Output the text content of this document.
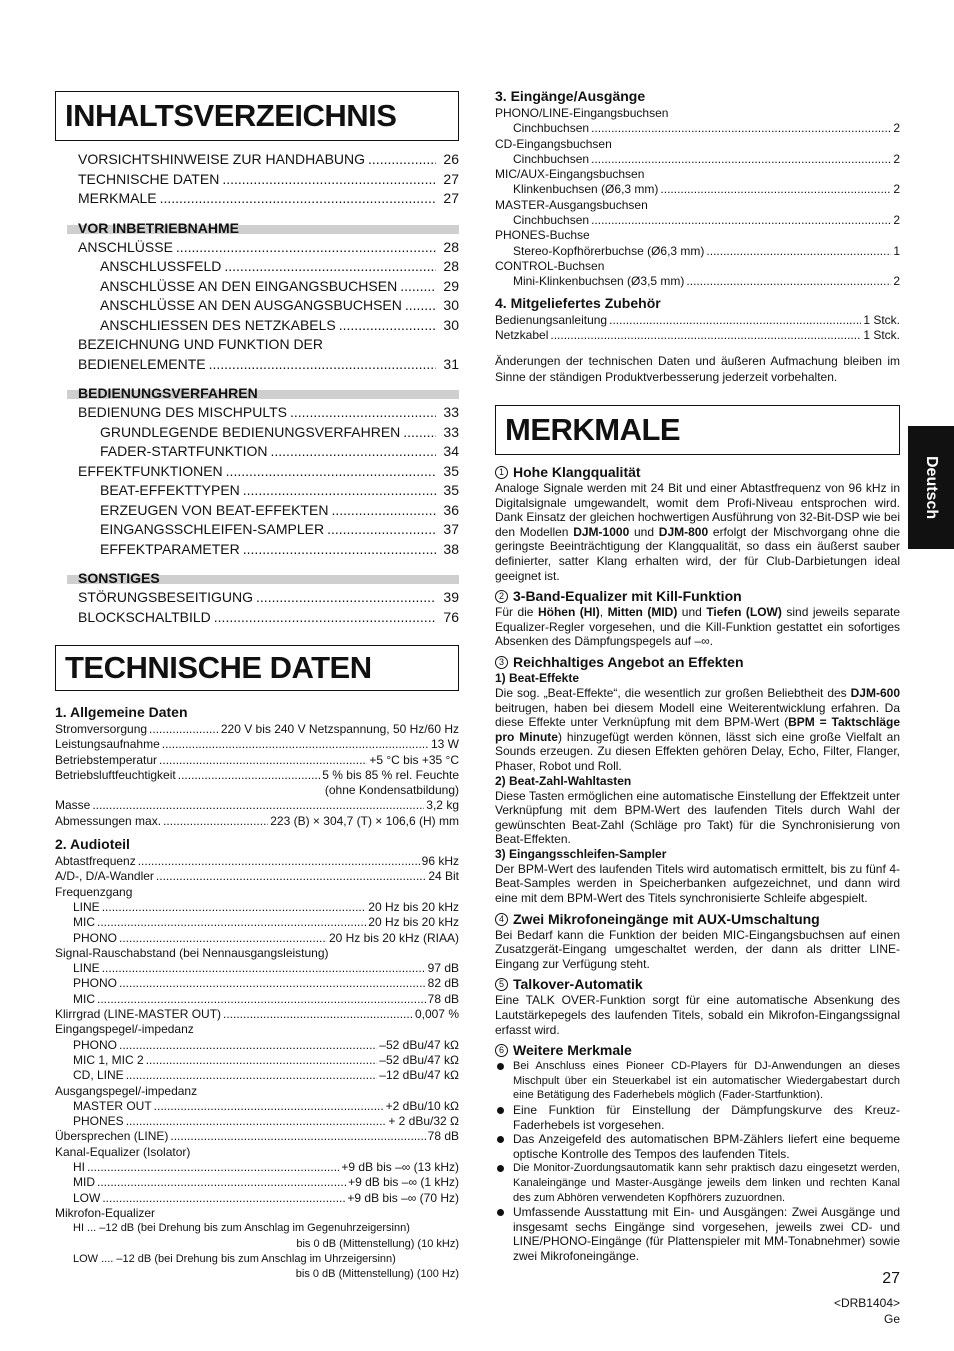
INHALTSVERZEICHNIS
VORSICHTSHINWEISE ZUR HANDHABUNG .....	26
TECHNISCHE DATEN .....	27
MERKMALE .....	27
VOR INBETRIEBNAHME
ANSCHLÜSSE .....	28
ANSCHLUSSFELD .....	28
ANSCHLÜSSE AN DEN EINGANGSBUCHSEN .....	29
ANSCHLÜSSE AN DEN AUSGANGSBUCHSEN .....	30
ANSCHLIESSEN DES NETZKABELS .....	30
BEZEICHNUNG UND FUNKTION DER
BEDIENELEMENTE .....	31
BEDIENUNGSVERFAHREN
BEDIENUNG DES MISCHPULTS .....	33
GRUNDLEGENDE BEDIENUNGSVERFAHREN .....	33
FADER-STARTFUNKTION .....	34
EFFEKTFUNKTIONEN .....	35
BEAT-EFFEKTTYPEN .....	35
ERZEUGEN VON BEAT-EFFEKTEN .....	36
EINGANGSSCHLEIFEN-SAMPLER .....	37
EFFEKTPARAMETER .....	38
SONSTIGES
STÖRUNGSBESEITIGUNG .....	39
BLOCKSCHALTBILD .....	76
TECHNISCHE DATEN
1. Allgemeine Daten
Stromversorgung .....	220 V bis 240 V Netzspannung, 50 Hz/60 Hz
Leistungsaufnahme .....	13 W
Betriebstemperatur .....	+5 °C bis +35 °C
Betriebsluftfeuchtigkeit .....	5 % bis 85 % rel. Feuchte
(ohne Kondensatbildung)
Masse .....	3,2 kg
Abmessungen max. .....	223 (B) × 304,7 (T) × 106,6 (H) mm
2. Audioteil
Abtastfrequenz .....	96 kHz
A/D-, D/A-Wandler .....	24 Bit
Frequenzgang
LINE .....	20 Hz bis 20 kHz
MIC .....	20 Hz bis 20 kHz
PHONO .....	20 Hz bis 20 kHz (RIAA)
Signal-Rauschabstand (bei Nennausgangsleistung)
LINE .....	97 dB
PHONO .....	82 dB
MIC .....	78 dB
Klirrgrad (LINE-MASTER OUT) .....	0,007 %
Eingangspegel/-impedanz
PHONO .....	–52 dBu/47 kΩ
MIC 1, MIC 2 .....	–52 dBu/47 kΩ
CD, LINE .....	–12 dBu/47 kΩ
Ausgangspegel/-impedanz
MASTER OUT .....	+2 dBu/10 kΩ
PHONES .....	+ 2 dBu/32 Ω
Übersprechen (LINE) .....	78 dB
Kanal-Equalizer (Isolator)
HI .....	+9 dB bis –∞ (13 kHz)
MID .....	+9 dB bis –∞ (1 kHz)
LOW .....	+9 dB bis –∞ (70 Hz)
Mikrofon-Equalizer
HI ... –12 dB (bei Drehung bis zum Anschlag im Gegenuhrzeigersinn)
bis 0 dB (Mittenstellung) (10 kHz)
LOW .... –12 dB (bei Drehung bis zum Anschlag im Uhrzeigersinn)
bis 0 dB (Mittenstellung) (100 Hz)
3. Eingänge/Ausgänge
PHONO/LINE-Eingangsbuchsen
Cinchbuchsen .....	2
CD-Eingangsbuchsen
Cinchbuchsen .....	2
MIC/AUX-Eingangsbuchsen
Klinkenbuchsen (Ø6,3 mm) .....	2
MASTER-Ausgangsbuchsen
Cinchbuchsen .....	2
PHONES-Buchse
Stereo-Kopfhörerbuchse (Ø6,3 mm) .....	1
CONTROL-Buchsen
Mini-Klinkenbuchsen (Ø3,5 mm) .....	2
4. Mitgeliefertes Zubehör
Bedienungsanleitung .....	1 Stck.
Netzkabel .....	1 Stck.
Änderungen der technischen Daten und äußeren Aufmachung bleiben im Sinne der ständigen Produktverbesserung jederzeit vorbehalten.
MERKMALE
1 Hohe Klangqualität

Analoge Signale werden mit 24 Bit und einer Abtastfrequenz von 96 kHz in Digitalsignale umgewandelt, womit dem Profi-Niveau entsprochen wird. Dank Einsatz der gleichen hochwertigen Ausführung von 32-Bit-DSP wie bei den Modellen DJM-1000 und DJM-800 erfolgt der Mischvorgang ohne die geringste Beeinträchtigung der Klangqualität, so dass ein äußerst sauber definierter, satter Klang erhalten wird, der für Club-Darbietungen ideal geeignet ist.

2 3-Band-Equalizer mit Kill-Funktion

Für die Höhen (HI), Mitten (MID) und Tiefen (LOW) sind jeweils separate Equalizer-Regler vorgesehen, und die Kill-Funktion gestattet ein sofortiges Absenken des Dämpfungspegels auf –∞.

3 Reichhaltiges Angebot an Effekten
1) Beat-Effekte

Die sog. „Beat-Effekte“, die wesentlich zur großen Beliebtheit des DJM-600 beitrugen, haben bei diesem Modell eine Weiterentwicklung erfahren. Da diese Effekte unter Verknüpfung mit dem BPM-Wert (BPM = Taktschläge pro Minute) hinzugefügt werden können, lässt sich eine große Vielfalt an Sounds erzeugen. Zu diesen Effekten gehören Delay, Echo, Filter, Flanger, Phaser, Robot und Roll.

2) Beat-Zahl-Wahltasten

Diese Tasten ermöglichen eine automatische Einstellung der Effektzeit unter Verknüpfung mit dem BPM-Wert des laufenden Titels durch Wahl der gewünschten Beat-Zahl (Schläge pro Takt) für die Synchronisierung von Beat-Effekten.

3) Eingangsschleifen-Sampler

Der BPM-Wert des laufenden Titels wird automatisch ermittelt, bis zu fünf 4-Beat-Samples werden in Speicherbanken aufgezeichnet, und dann wird eine mit dem BPM-Wert des Titels synchronisierte Schleife abgespielt.

4 Zwei Mikrofoneingänge mit AUX-Umschaltung

Bei Bedarf kann die Funktion der beiden MIC-Eingangsbuchsen auf einen Zusatzgerät-Eingang umgeschaltet werden, der dann als dritter LINE-Eingang zur Verfügung steht.

5 Talkover-Automatik

Eine TALK OVER-Funktion sorgt für eine automatische Absenkung des Lautstärkepegels des laufenden Titels, sobald ein Mikrofon-Eingangssignal erfasst wird.

6 Weitere Merkmale
Bei Anschluss eines Pioneer CD-Players für DJ-Anwendungen an dieses Mischpult über ein Steuerkabel ist ein automatischer Wiedergabestart durch eine Betätigung des Faderhebels möglich (Fader-Startfunktion).
Eine Funktion für Einstellung der Dämpfungskurve des Kreuz-Faderhebels ist vorgesehen.
Das Anzeigefeld des automatischen BPM-Zählers liefert eine bequeme optische Kontrolle des Tempos des laufenden Titels.
Die Monitor-Zuordungsautomatik kann sehr praktisch dazu eingesetzt werden, Kanaleingänge und Master-Ausgänge jeweils dem linken und rechten Kanal des zum Abhören verwendeten Kopfhörers zuzuordnen.
Umfassende Ausstattung mit Ein- und Ausgängen: Zwei Ausgänge und insgesamt sechs Eingänge sind vorgesehen, jeweils zwei CD- und LINE/PHONO-Eingänge (für Plattenspieler mit MM-Tonabnehmer) sowie zwei Mikrofoneingänge.
Deutsch
27
<DRB1404>
Ge
